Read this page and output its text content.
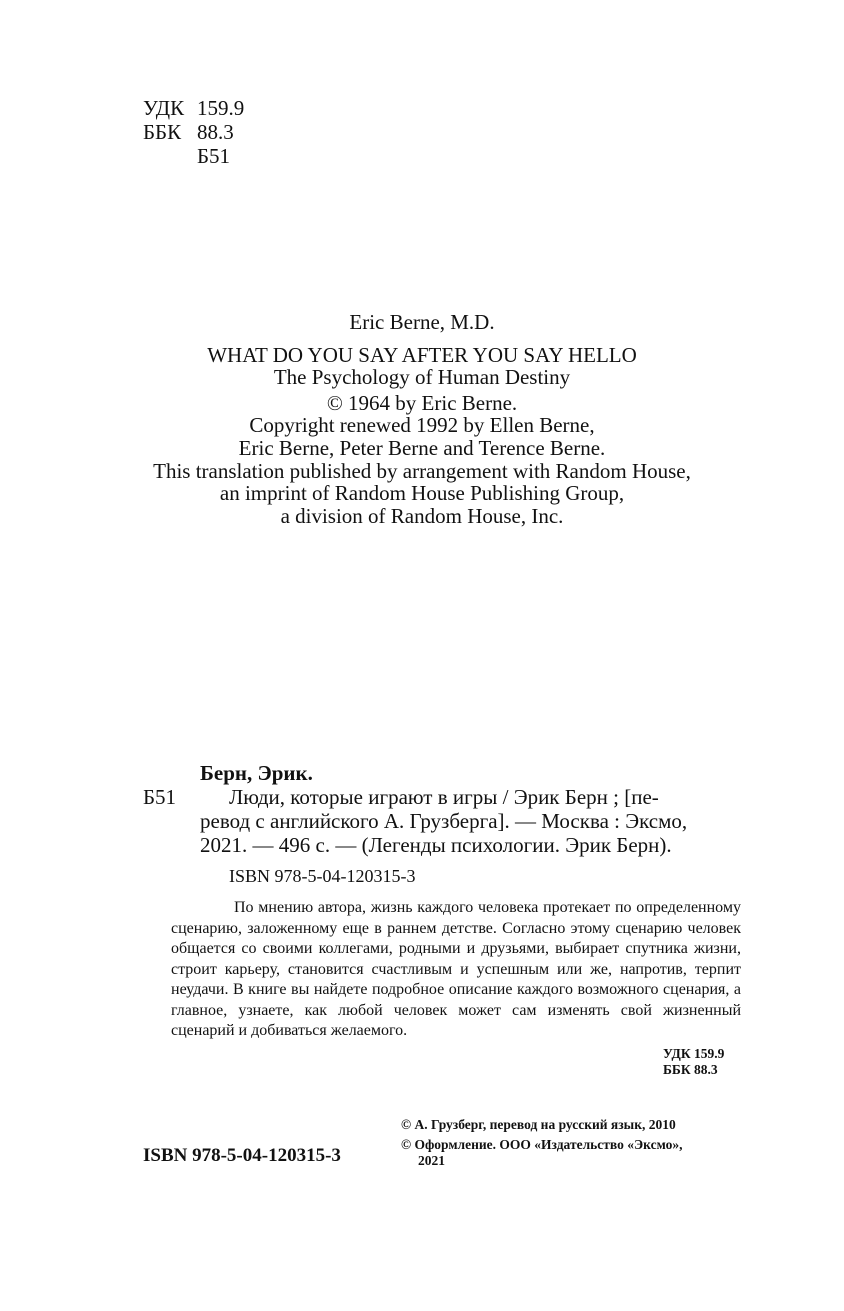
УДК 159.9
ББК 88.3
Б51
Eric Berne, M.D.
WHAT DO YOU SAY AFTER YOU SAY HELLO
The Psychology of Human Destiny
© 1964 by Eric Berne.
Copyright renewed 1992 by Ellen Berne,
Eric Berne, Peter Berne and Terence Berne.
This translation published by arrangement with Random House,
an imprint of Random House Publishing Group,
a division of Random House, Inc.
Берн, Эрик.
Б51	Люди, которые играют в игры / Эрик Берн ; [пе-
ревод с английского А. Грузберга]. — Москва : Эксмо,
2021. — 496 с. — (Легенды психологии. Эрик Берн).
ISBN 978-5-04-120315-3
По мнению автора, жизнь каждого человека протекает по определенному сценарию, заложенному еще в раннем детстве. Согласно этому сценарию человек общается со своими коллегами, родными и друзьями, выбирает спутника жизни, строит карьеру, становится счастливым и успешным или же, напротив, терпит неудачи. В книге вы найдете подробное описание каждого возможного сценария, а главное, узнаете, как любой человек может сам изменять свой жизненный сценарий и добиваться желаемого.
УДК 159.9
ББК 88.3
ISBN 978-5-04-120315-3
© А. Грузберг, перевод на русский язык, 2010
© Оформление. ООО «Издательство «Эксмо»,
2021
